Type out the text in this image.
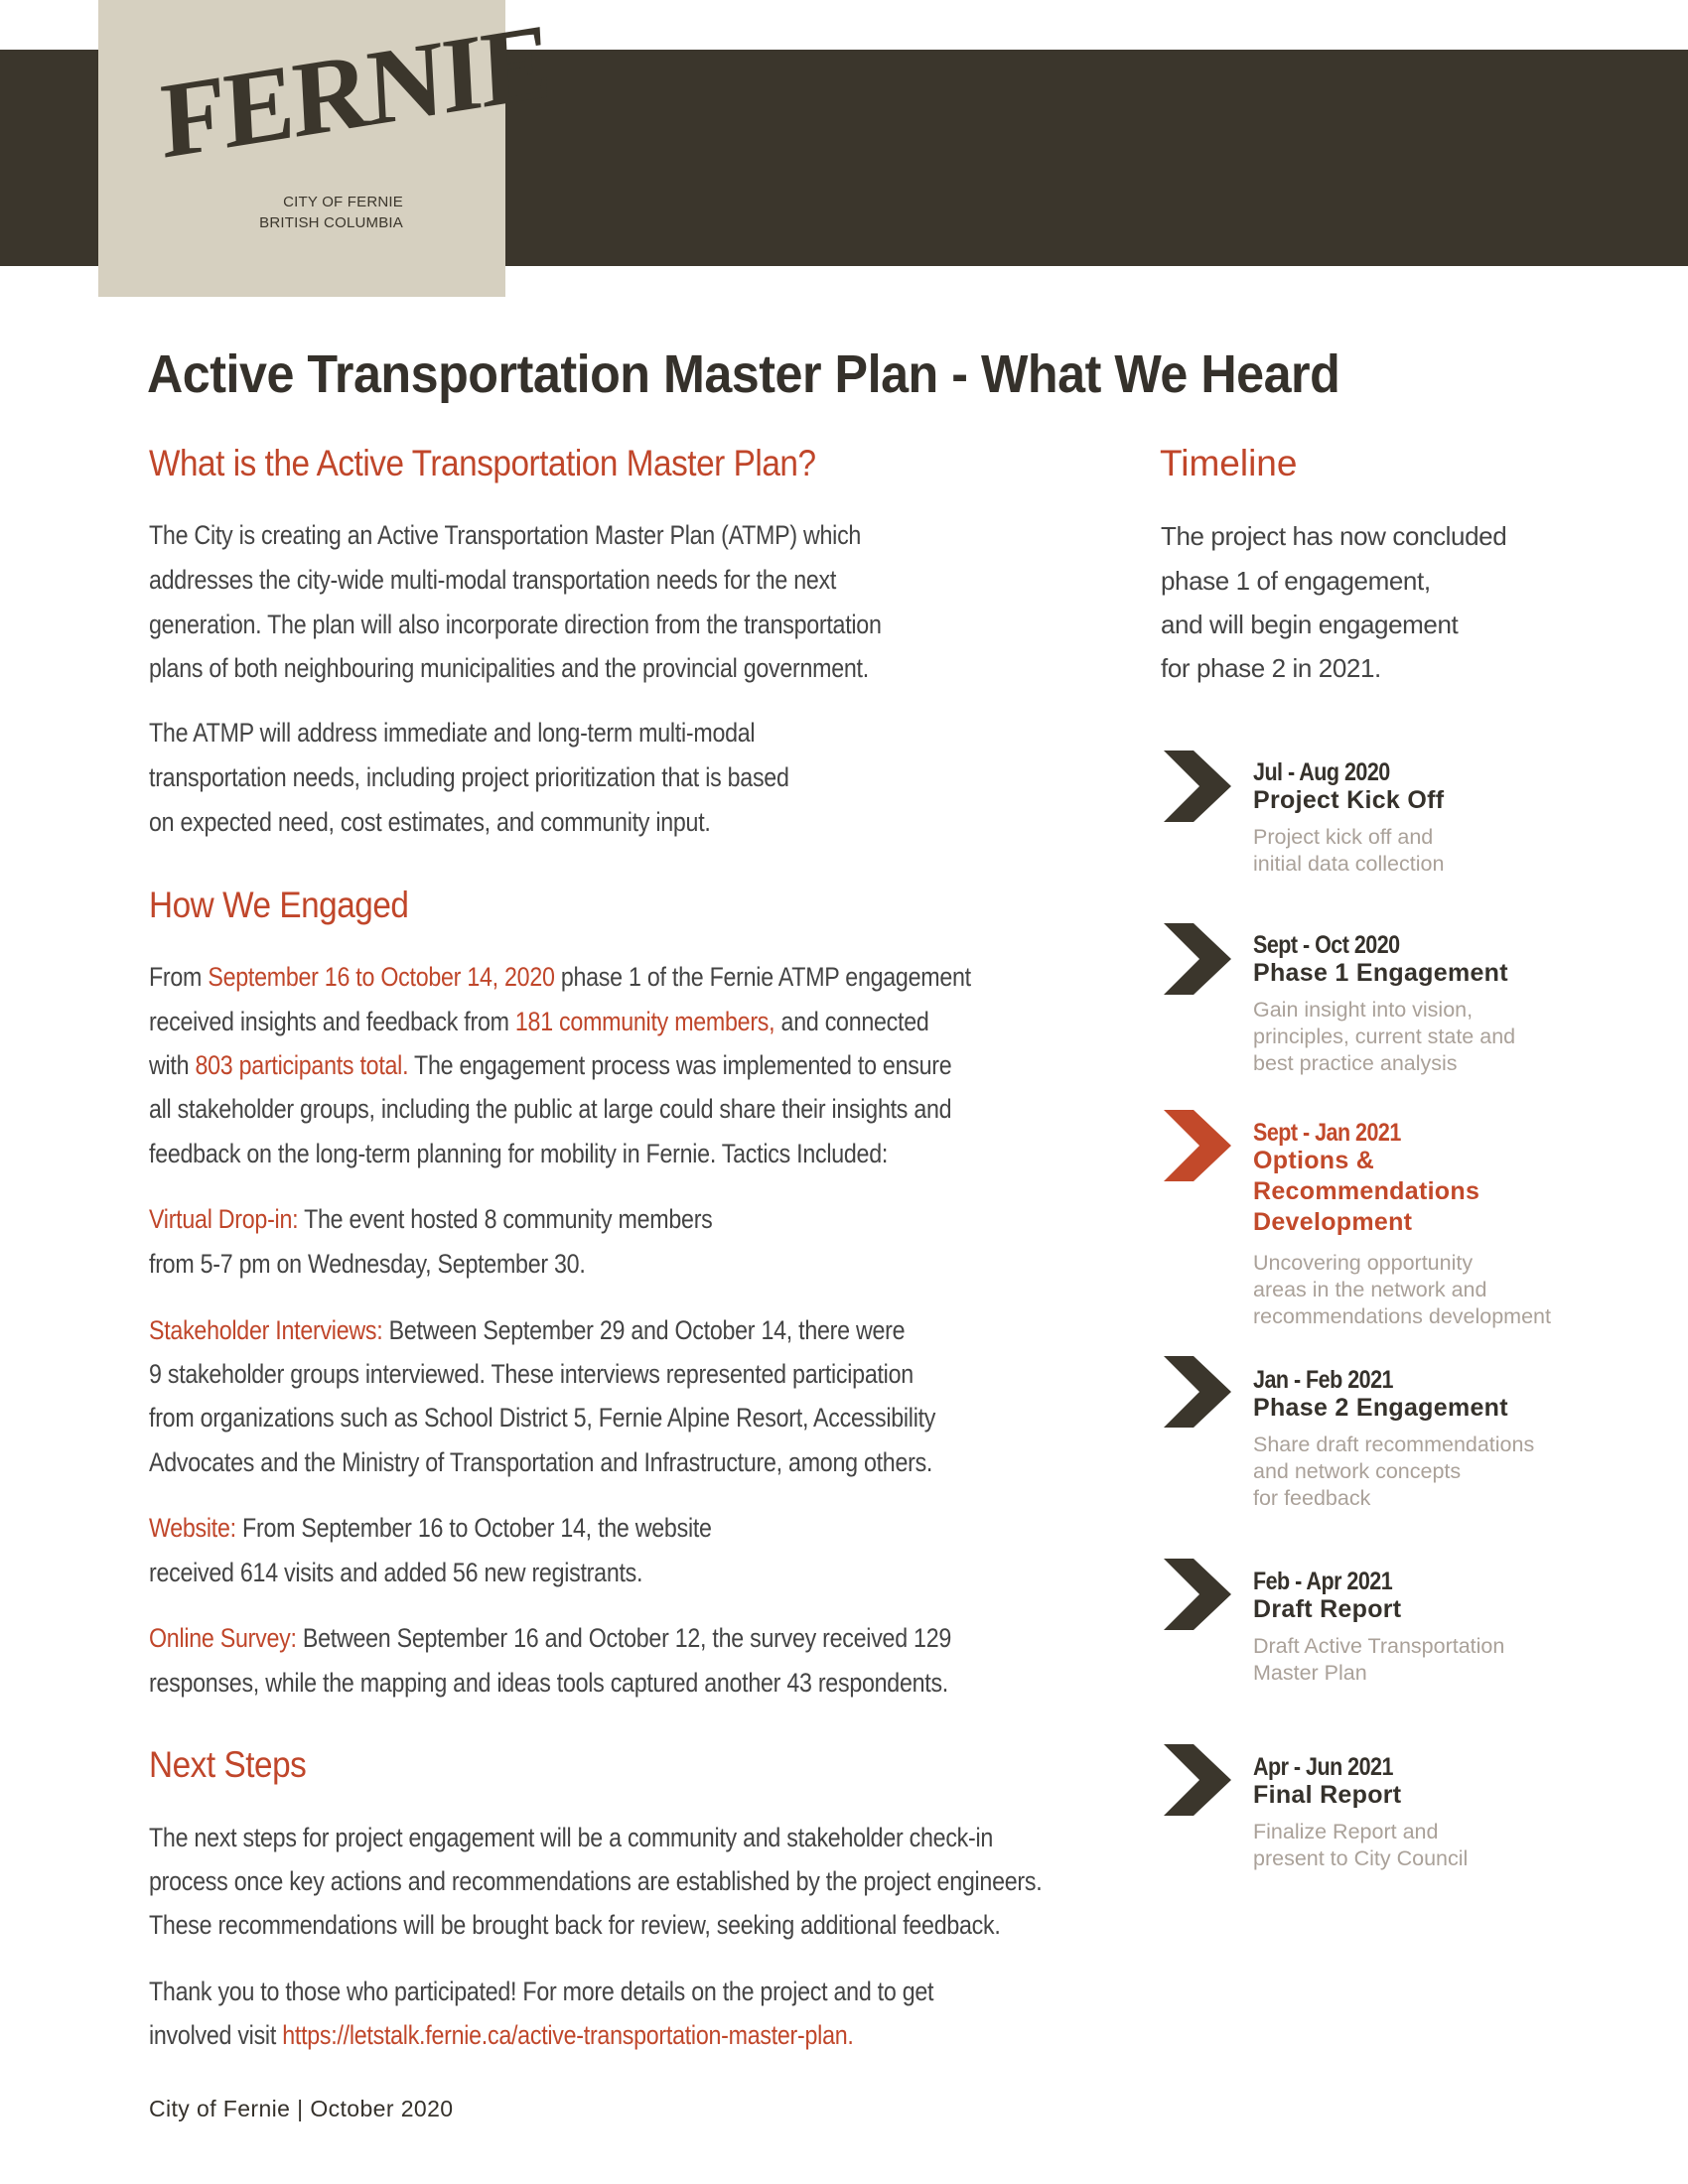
FERNIE
CITY OF FERNIE
BRITISH COLUMBIA
Active Transportation Master Plan - What We Heard
What is the Active Transportation Master Plan?
The City is creating an Active Transportation Master Plan (ATMP) which
addresses the city-wide multi-modal transportation needs for the next
generation. The plan will also incorporate direction from the transportation
plans of both neighbouring municipalities and the provincial government.
The ATMP will address immediate and long-term multi-modal
transportation needs, including project prioritization that is based
on expected need, cost estimates, and community input.
How We Engaged
From September 16 to October 14, 2020 phase 1 of the Fernie ATMP engagement
received insights and feedback from 181 community members, and connected
with 803 participants total. The engagement process was implemented to ensure
all stakeholder groups, including the public at large could share their insights and
feedback on the long-term planning for mobility in Fernie. Tactics Included:
Virtual Drop-in: The event hosted 8 community members
from 5-7 pm on Wednesday, September 30.
Stakeholder Interviews: Between September 29 and October 14, there were
9 stakeholder groups interviewed. These interviews represented participation
from organizations such as School District 5, Fernie Alpine Resort, Accessibility
Advocates and the Ministry of Transportation and Infrastructure, among others.
Website: From September 16 to October 14, the website
received 614 visits and added 56 new registrants.
Online Survey: Between September 16 and October 12, the survey received 129
responses, while the mapping and ideas tools captured another 43 respondents.
Next Steps
The next steps for project engagement will be a community and stakeholder check-in
process once key actions and recommendations are established by the project engineers.
These recommendations will be brought back for review, seeking additional feedback.
Thank you to those who participated! For more details on the project and to get
involved visit https://letstalk.fernie.ca/active-transportation-master-plan.
City of Fernie | October 2020
Timeline
The project has now concluded
phase 1 of engagement,
and will begin engagement
for phase 2 in 2021.
Jul - Aug 2020
Project Kick Off
Project kick off and
initial data collection
Sept - Oct 2020
Phase 1 Engagement
Gain insight into vision,
principles, current state and
best practice analysis
Sept - Jan 2021
Options &
Recommendations
Development
Uncovering opportunity
areas in the network and
recommendations development
Jan - Feb 2021
Phase 2 Engagement
Share draft recommendations
and network concepts
for feedback
Feb - Apr 2021
Draft Report
Draft Active Transportation
Master Plan
Apr - Jun 2021
Final Report
Finalize Report and
present to City Council
